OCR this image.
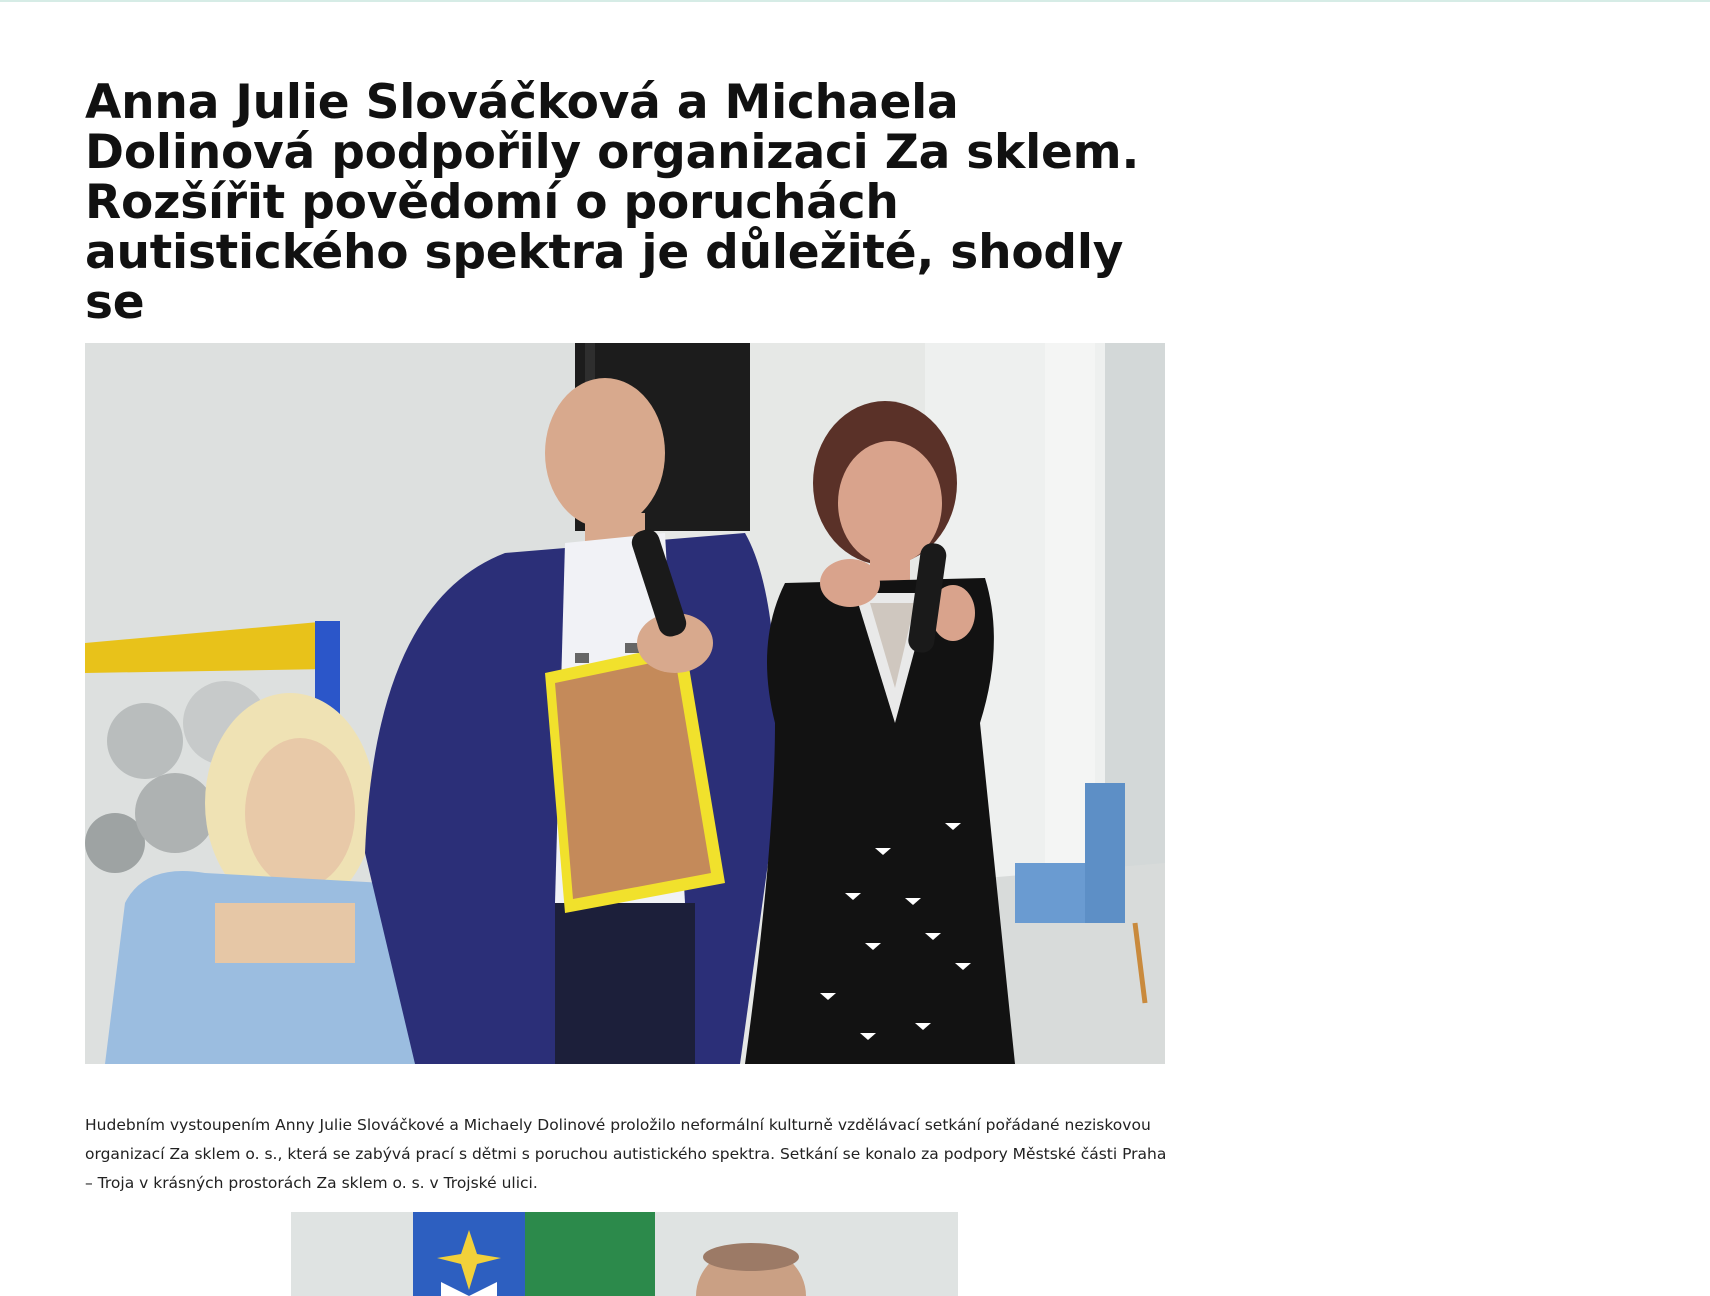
Anna Julie Slováčková a Michaela Dolinová podpořily organizaci Za sklem. Rozšířit povědomí o poruchách autistického spektra je důležité, shodly se

Hudebním vystoupením Anny Julie Slováčkové a Michaely Dolinové proložilo neformální kulturně vzdělávací setkání pořádané neziskovou organizací Za sklem o. s., která se zabývá prací s dětmi s poruchou autistického spektra. Setkání se konalo za podpory Městské části Praha – Troja v krásných prostorách Za sklem o. s. v Trojské ulici.
